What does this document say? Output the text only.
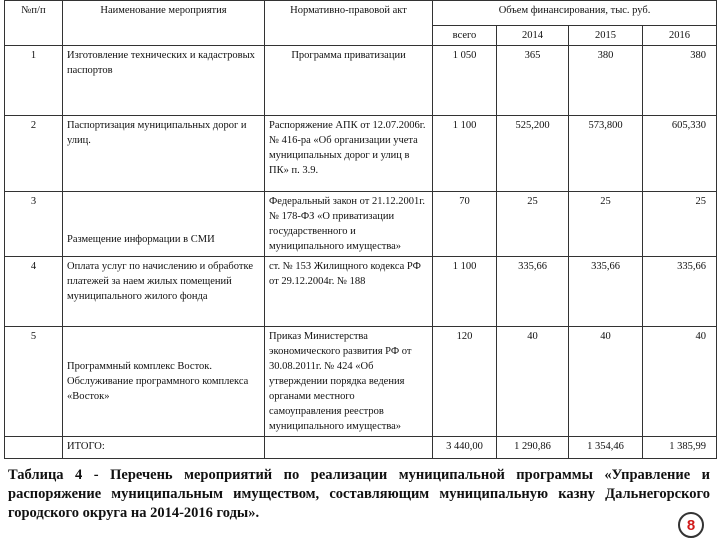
№п/п	Наименование мероприятия	Нормативно-правовой акт	Объем финансирования, тыс. руб.			
			всего	2014	2015	2016
1	Изготовление технических и кадастровых паспортов	Программа приватизации	1 050	365	380	380
2	Паспортизация муниципальных дорог и улиц.	Распоряжение АПК от 12.07.2006г. № 416-ра «Об организации учета муниципальных дорог и улиц в ПК» п. 3.9.	1 100	525,200	573,800	605,330
3	Размещение информации в СМИ	Федеральный закон от 21.12.2001г. № 178-ФЗ «О приватизации государственного и муниципального имущества»	70	25	25	25
4	Оплата услуг по начислению и обработке платежей за наем жилых помещений муниципального жилого фонда	ст. № 153 Жилищного кодекса РФ от 29.12.2004г. № 188	1 100	335,66	335,66	335,66
5	Программный комплекс Восток. Обслуживание программного комплекса «Восток»	Приказ Министерства экономического развития РФ от 30.08.2011г. № 424 «Об утверждении порядка ведения органами местного самоуправления реестров муниципального имущества»	120	40	40	40
	ИТОГО:		3 440,00	1 290,86	1 354,46	1 385,99
Таблица 4 - Перечень мероприятий по реализации муниципальной программы «Управление и распоряжение муниципальным имуществом, составляющим муниципальную казну Дальнегорского городского округа на 2014-2016 годы».
8
